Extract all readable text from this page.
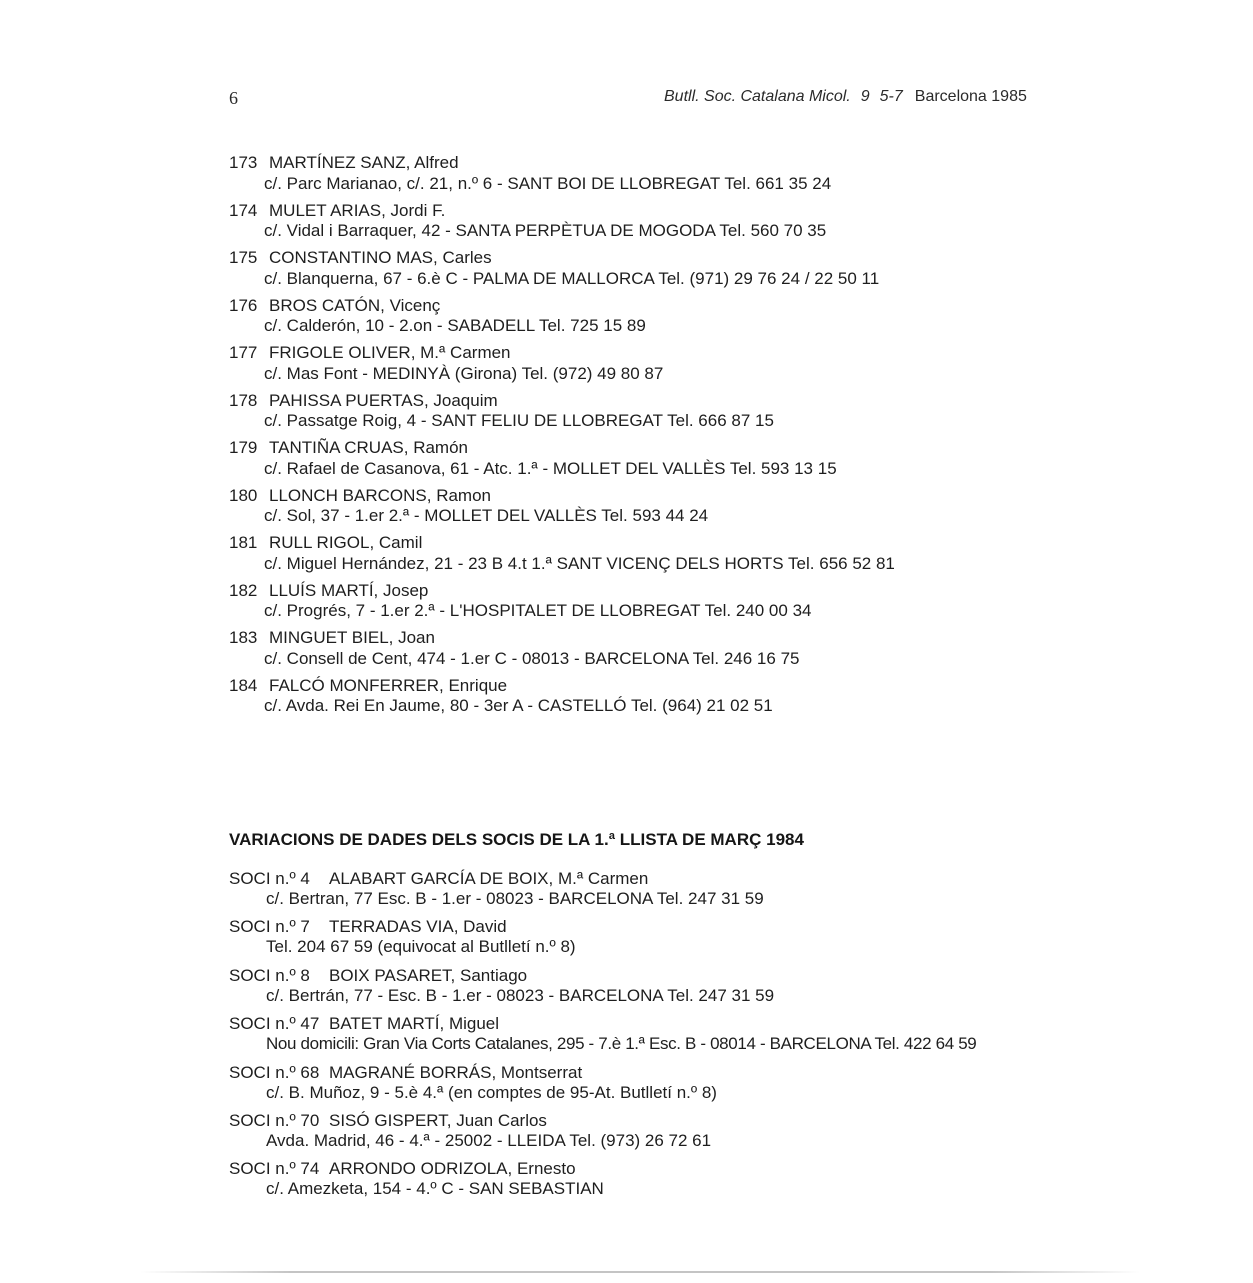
6	Butll. Soc. Catalana Micol. 9 5-7 Barcelona 1985
173 MARTÍNEZ SANZ, Alfred
c/. Parc Marianao, c/. 21, n.º 6 - SANT BOI DE LLOBREGAT Tel. 661 35 24
174 MULET ARIAS, Jordi F.
c/. Vidal i Barraquer, 42 - SANTA PERPÈTUA DE MOGODA Tel. 560 70 35
175 CONSTANTINO MAS, Carles
c/. Blanquerna, 67 - 6.è C - PALMA DE MALLORCA Tel. (971) 29 76 24 / 22 50 11
176 BROS CATÓN, Vicenç
c/. Calderón, 10 - 2.on - SABADELL Tel. 725 15 89
177 FRIGOLE OLIVER, M.ª Carmen
c/. Mas Font - MEDINYÀ (Girona) Tel. (972) 49 80 87
178 PAHISSA PUERTAS, Joaquim
c/. Passatge Roig, 4 - SANT FELIU DE LLOBREGAT Tel. 666 87 15
179 TANTIÑA CRUAS, Ramón
c/. Rafael de Casanova, 61 - Atc. 1.ª - MOLLET DEL VALLÈS Tel. 593 13 15
180 LLONCH BARCONS, Ramon
c/. Sol, 37 - 1.er 2.ª - MOLLET DEL VALLÈS Tel. 593 44 24
181 RULL RIGOL, Camil
c/. Miguel Hernández, 21 - 23 B 4.t 1.ª SANT VICENÇ DELS HORTS Tel. 656 52 81
182 LLUÍS MARTÍ, Josep
c/. Progrés, 7 - 1.er 2.ª - L'HOSPITALET DE LLOBREGAT Tel. 240 00 34
183 MINGUET BIEL, Joan
c/. Consell de Cent, 474 - 1.er C - 08013 - BARCELONA Tel. 246 16 75
184 FALCÓ MONFERRER, Enrique
c/. Avda. Rei En Jaume, 80 - 3er A - CASTELLÓ Tel. (964) 21 02 51
VARIACIONS DE DADES DELS SOCIS DE LA 1.ª LLISTA DE MARÇ 1984
SOCI n.º 4 ALABART GARCÍA DE BOIX, M.ª Carmen
c/. Bertran, 77 Esc. B - 1.er - 08023 - BARCELONA Tel. 247 31 59
SOCI n.º 7 TERRADAS VIA, David
Tel. 204 67 59 (equivocat al Butlletí n.º 8)
SOCI n.º 8 BOIX PASARET, Santiago
c/. Bertrán, 77 - Esc. B - 1.er - 08023 - BARCELONA Tel. 247 31 59
SOCI n.º 47 BATET MARTÍ, Miguel
Nou domicili: Gran Via Corts Catalanes, 295 - 7.è 1.ª Esc. B - 08014 - BARCELONA Tel. 422 64 59
SOCI n.º 68 MAGRANÉ BORRÁS, Montserrat
c/. B. Muñoz, 9 - 5.è 4.ª (en comptes de 95-At. Butlletí n.º 8)
SOCI n.º 70 SISÓ GISPERT, Juan Carlos
Avda. Madrid, 46 - 4.ª - 25002 - LLEIDA Tel. (973) 26 72 61
SOCI n.º 74 ARRONDO ODRIZOLA, Ernesto
c/. Amezketa, 154 - 4.º C - SAN SEBASTIAN
